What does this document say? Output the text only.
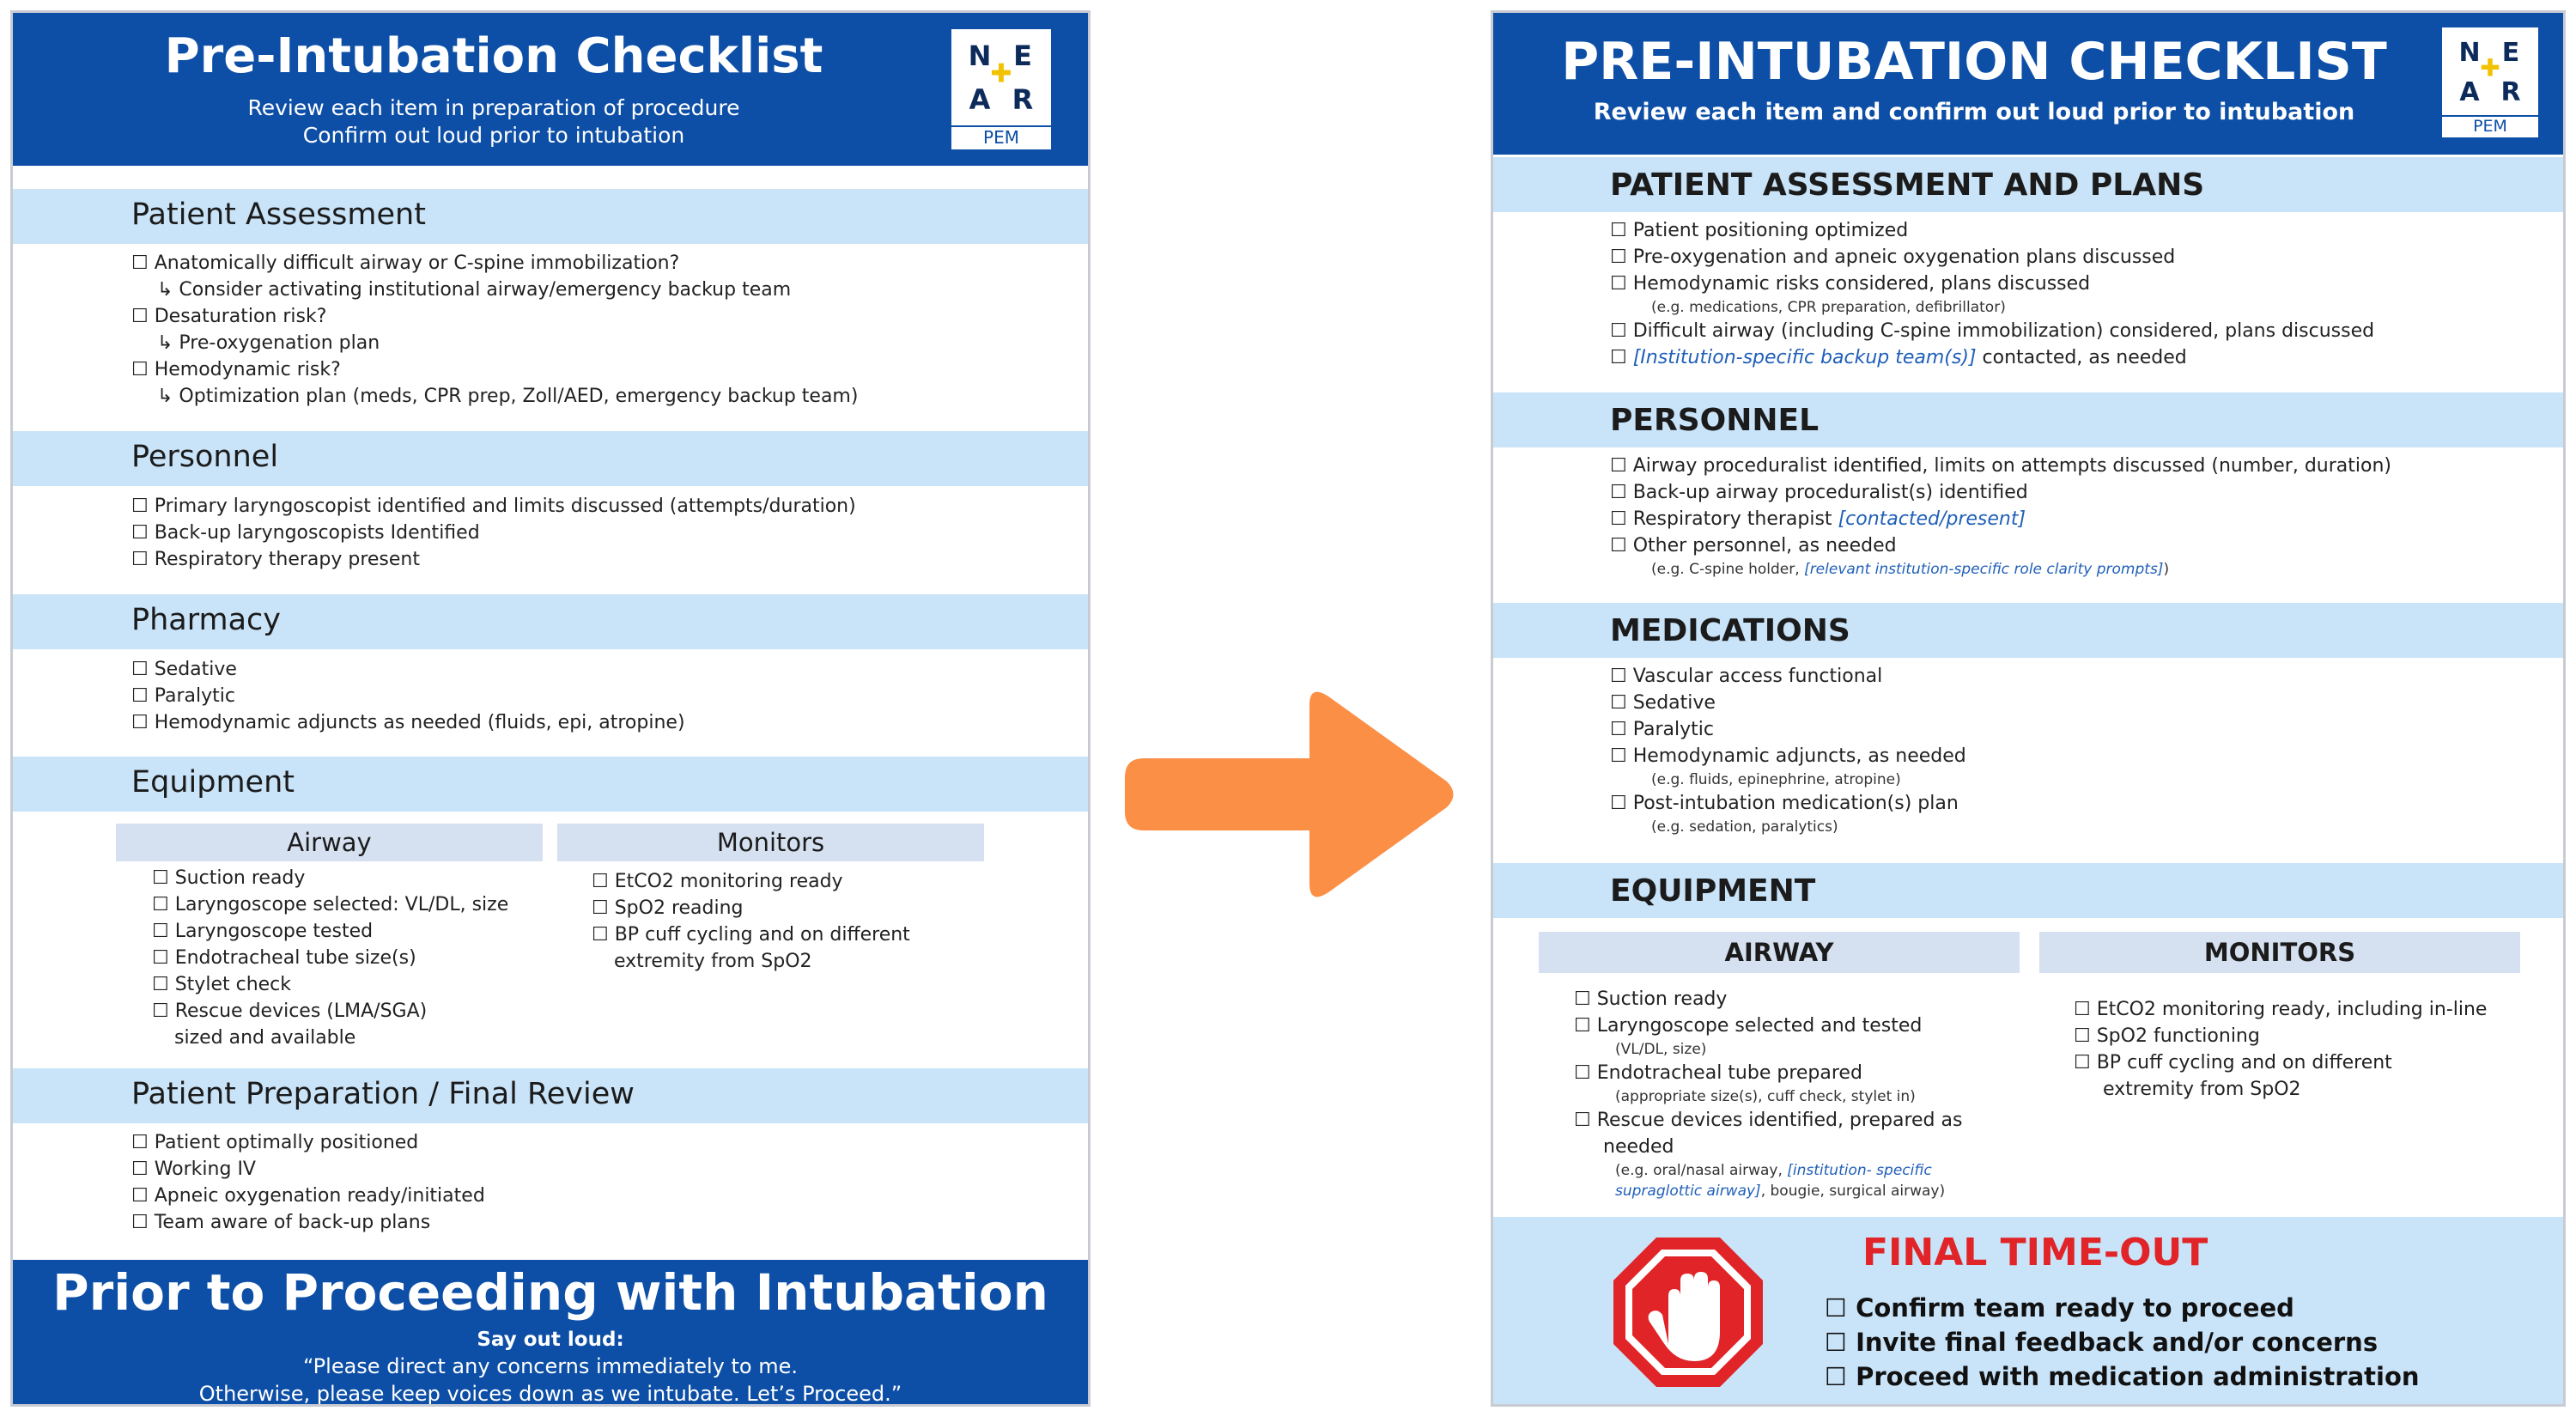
Pre-Intubation Checklist
Review each item in preparation of procedure
Confirm out loud prior to intubation
N E
A R
✚
PEM
Patient Assessment
☐ Anatomically difficult airway or C-spine immobilization?
↳ Consider activating institutional airway/emergency backup team
☐ Desaturation risk?
↳ Pre-oxygenation plan
☐ Hemodynamic risk?
↳ Optimization plan (meds, CPR prep, Zoll/AED, emergency backup team)
Personnel
☐ Primary laryngoscopist identified and limits discussed (attempts/duration)
☐ Back-up laryngoscopists Identified
☐ Respiratory therapy present
Pharmacy
☐ Sedative
☐ Paralytic
☐ Hemodynamic adjuncts as needed (fluids, epi, atropine)
Equipment
Airway	Monitors
☐ Suction ready
☐ Laryngoscope selected: VL/DL, size
☐ Laryngoscope tested
☐ Endotracheal tube size(s)
☐ Stylet check
☐ Rescue devices (LMA/SGA)
sized and available
☐ EtCO2 monitoring ready
☐ SpO2 reading
☐ BP cuff cycling and on different
extremity from SpO2
Patient Preparation / Final Review
☐ Patient optimally positioned
☐ Working IV
☐ Apneic oxygenation ready/initiated
☐ Team aware of back-up plans
Prior to Proceeding with Intubation
Say out loud:
“Please direct any concerns immediately to me.
Otherwise, please keep voices down as we intubate. Let’s Proceed.”
PRE-INTUBATION CHECKLIST
Review each item and confirm out loud prior to intubation
N E
A R
✚
PEM
PATIENT ASSESSMENT AND PLANS
☐ Patient positioning optimized
☐ Pre-oxygenation and apneic oxygenation plans discussed
☐ Hemodynamic risks considered, plans discussed
(e.g. medications, CPR preparation, defibrillator)
☐ Difficult airway (including C-spine immobilization) considered, plans discussed
☐ [Institution-specific backup team(s)] contacted, as needed
PERSONNEL
☐ Airway proceduralist identified, limits on attempts discussed (number, duration)
☐ Back-up airway proceduralist(s) identified
☐ Respiratory therapist [contacted/present]
☐ Other personnel, as needed
(e.g. C-spine holder, [relevant institution-specific role clarity prompts])
MEDICATIONS
☐ Vascular access functional
☐ Sedative
☐ Paralytic
☐ Hemodynamic adjuncts, as needed
(e.g. fluids, epinephrine, atropine)
☐ Post-intubation medication(s) plan
(e.g. sedation, paralytics)
EQUIPMENT
AIRWAY	MONITORS
☐ Suction ready
☐ Laryngoscope selected and tested
(VL/DL, size)
☐ Endotracheal tube prepared
(appropriate size(s), cuff check, stylet in)
☐ Rescue devices identified, prepared as
needed
(e.g. oral/nasal airway, [institution- specific
supraglottic airway], bougie, surgical airway)
☐ EtCO2 monitoring ready, including in-line
☐ SpO2 functioning
☐ BP cuff cycling and on different
extremity from SpO2
FINAL TIME-OUT
☐ Confirm team ready to proceed
☐ Invite final feedback and/or concerns
☐ Proceed with medication administration
